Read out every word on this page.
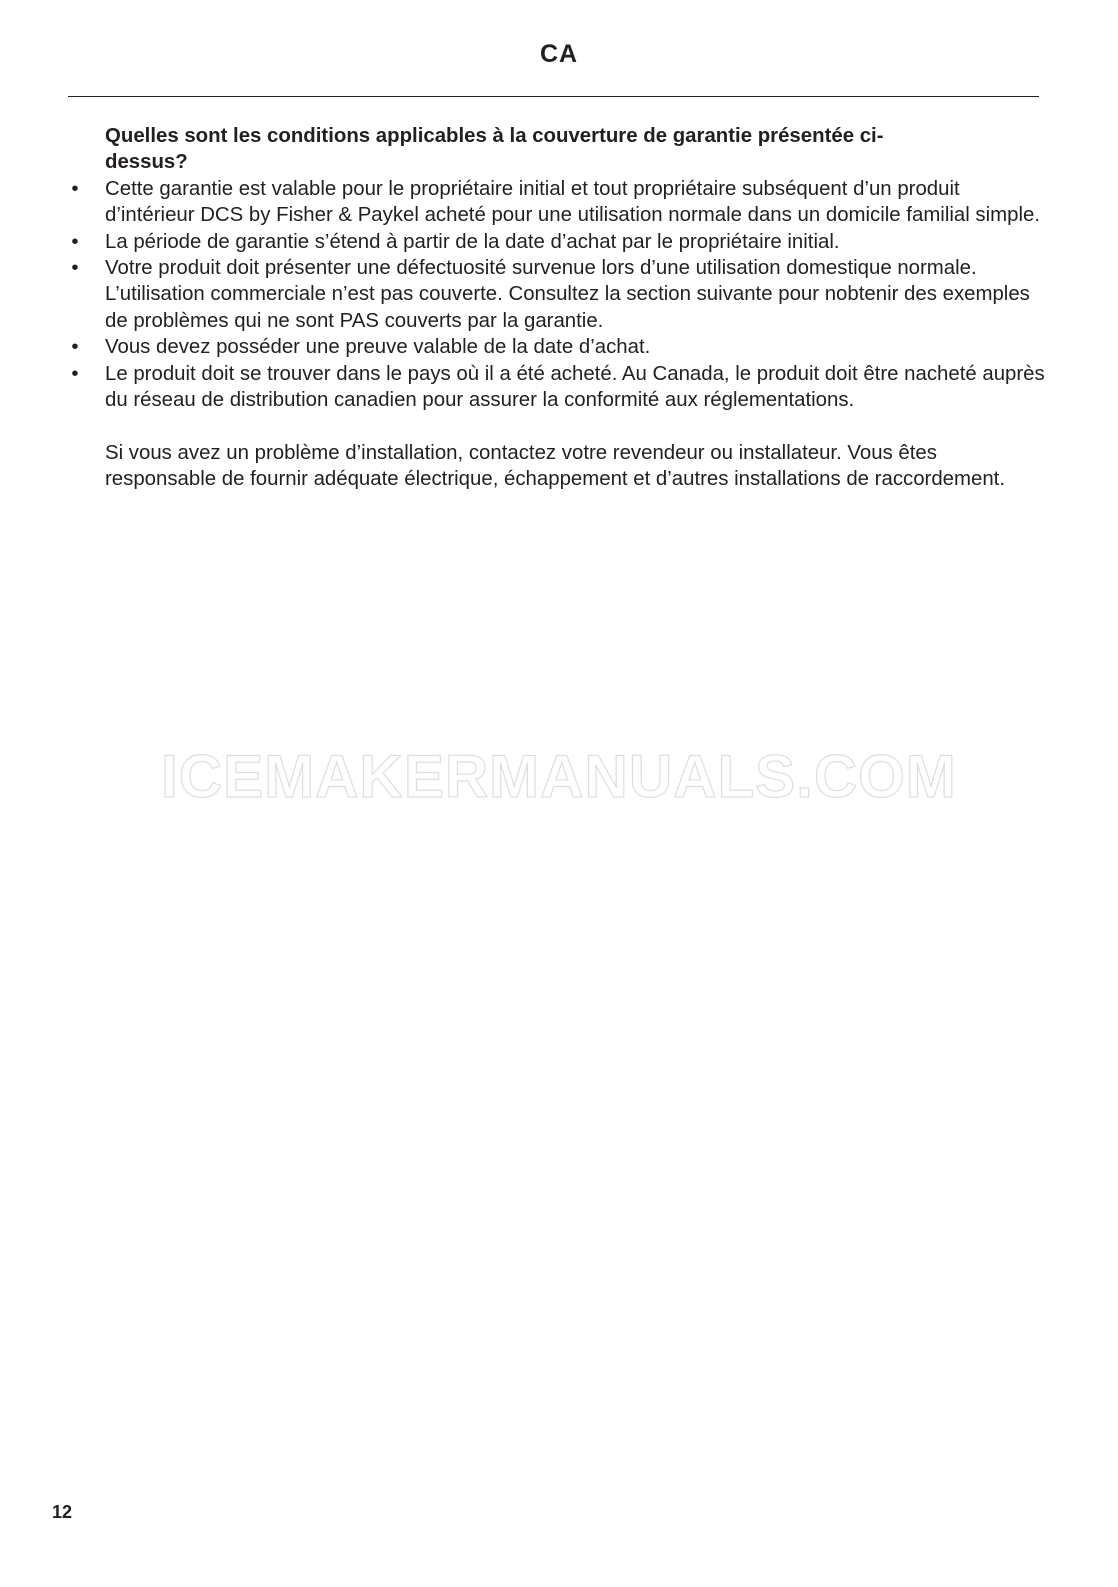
CA

Quelles sont les conditions applicables à la couverture de garantie présentée ci-dessus?

•	Cette garantie est valable pour le propriétaire initial et tout propriétaire subséquent d’un produit d’intérieur DCS by Fisher & Paykel acheté pour une utilisation normale dans un domicile familial simple.
•	La période de garantie s’étend à partir de la date d’achat par le propriétaire initial.
•	Votre produit doit présenter une défectuosité survenue lors d’une utilisation domestique normale. L’utilisation commerciale n’est pas couverte. Consultez la section suivante pour nobtenir des exemples de problèmes qui ne sont PAS couverts par la garantie.
•	Vous devez posséder une preuve valable de la date d’achat.
•	Le produit doit se trouver dans le pays où il a été acheté. Au Canada, le produit doit être nacheté auprès du réseau de distribution canadien pour assurer la conformité aux réglementations.

Si vous avez un problème d’installation, contactez votre revendeur ou installateur. Vous êtes responsable de fournir adéquate électrique, échappement et d’autres installations de raccordement.

ICEMAKERMANUALS.COM
12
